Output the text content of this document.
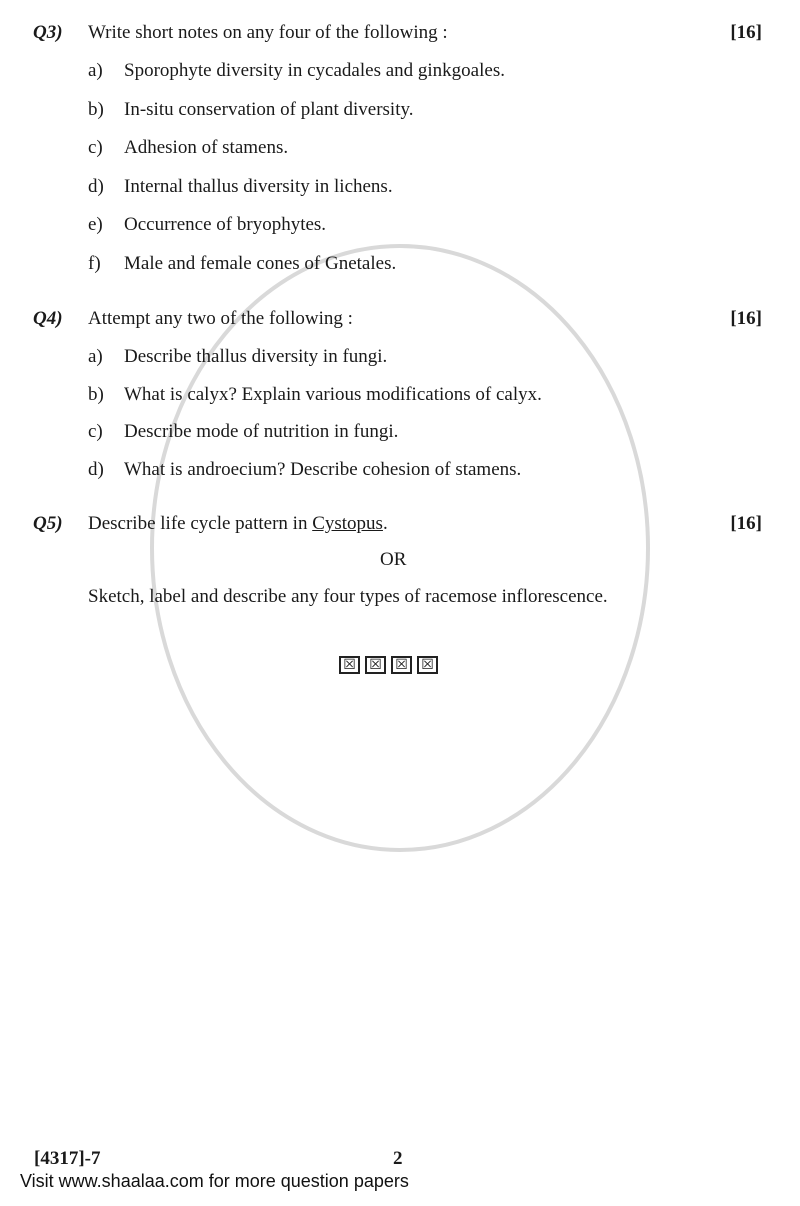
Q3) Write short notes on any four of the following :	[16]
a) Sporophyte diversity in cycadales and ginkgoales.
b) In-situ conservation of plant diversity.
c) Adhesion of stamens.
d) Internal thallus diversity in lichens.
e) Occurrence of bryophytes.
f) Male and female cones of Gnetales.
Q4) Attempt any two of the following :	[16]
a) Describe thallus diversity in fungi.
b) What is calyx? Explain various modifications of calyx.
c) Describe mode of nutrition in fungi.
d) What is androecium? Describe cohesion of stamens.
Q5) Describe life cycle pattern in Cystopus.	[16]
OR
Sketch, label and describe any four types of racemose inflorescence.
☒ ☒ ☒ ☒
[4317]-7	2
Visit www.shaalaa.com for more question papers
